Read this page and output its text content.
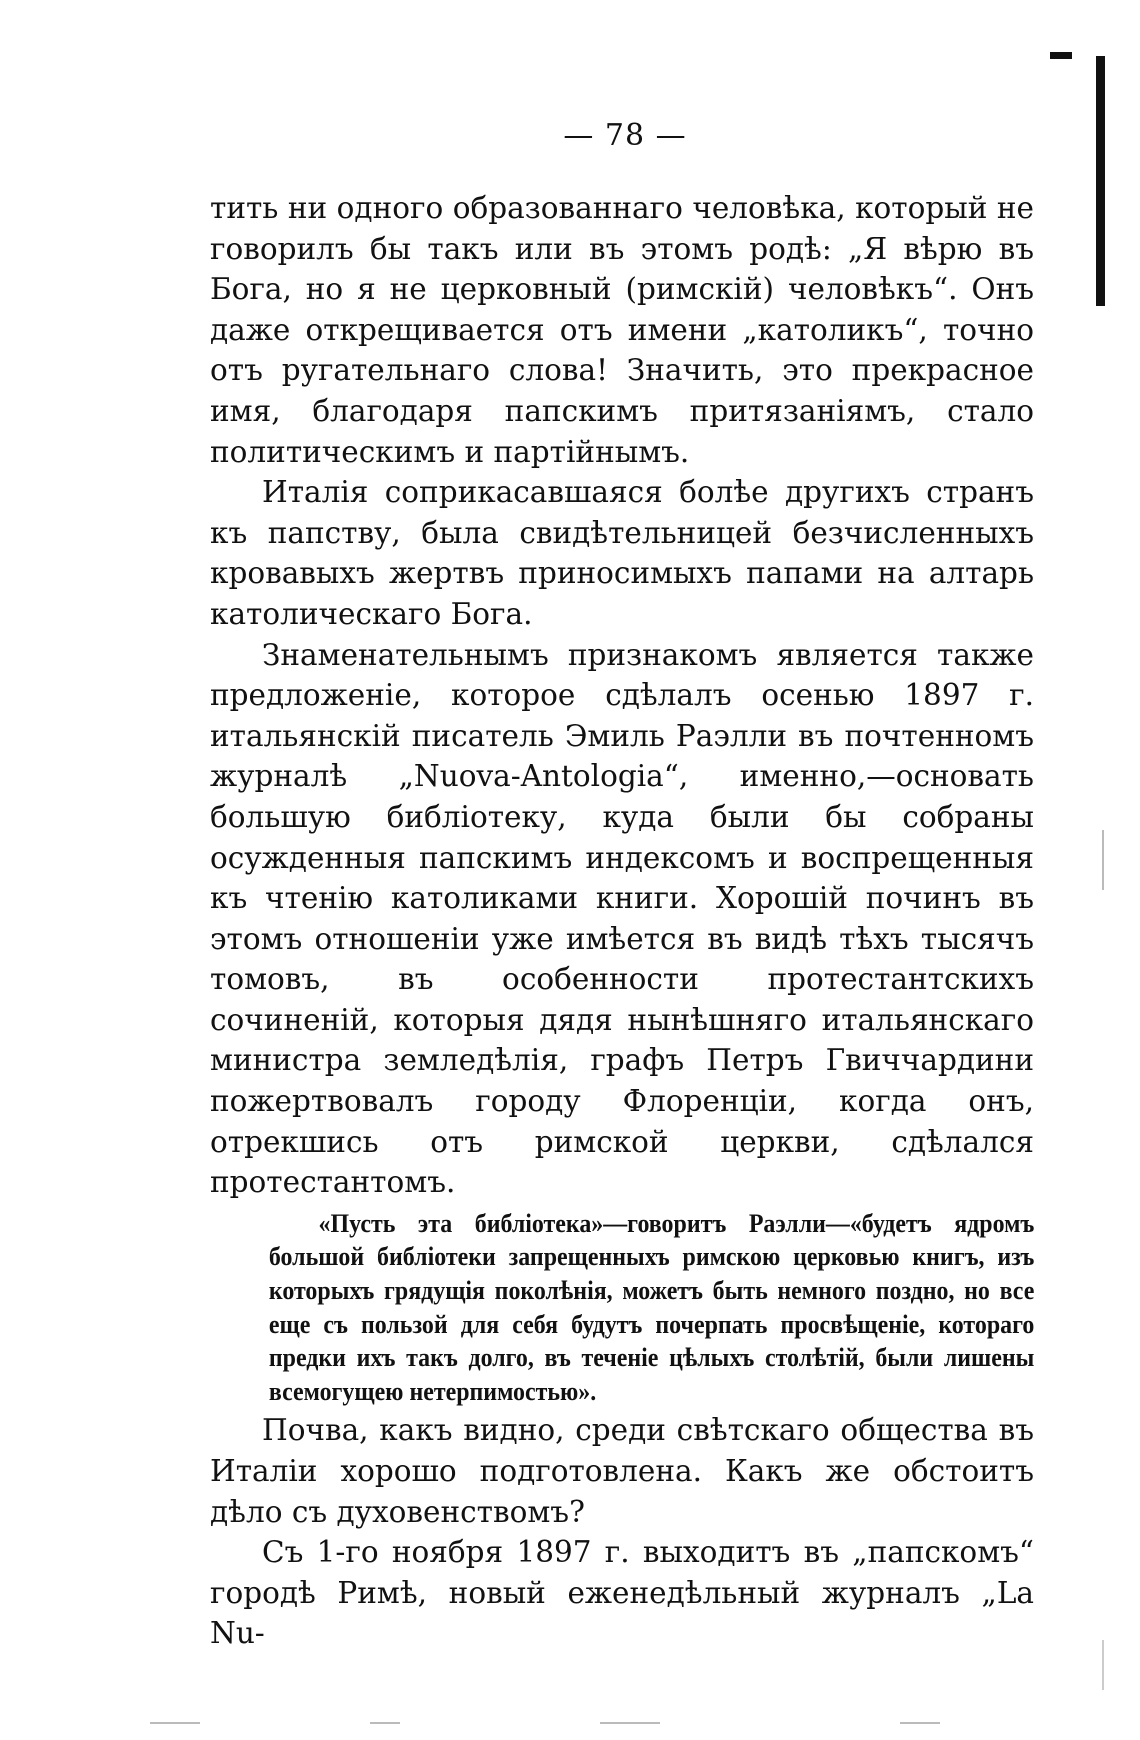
— 78 —

тить ни одного образованнаго человѣка, который не говорилъ бы такъ или въ этомъ родѣ: „Я вѣрю въ Бога, но я не церковный (римскій) человѣкъ“. Онъ даже открещивается отъ имени „католикъ“, точно отъ ругательнаго слова! Значить, это прекрасное имя, благодаря папскимъ притязаніямъ, стало политическимъ и партійнымъ.

Италія соприкасавшаяся болѣе другихъ странъ къ папству, была свидѣтельницей безчисленныхъ кровавыхъ жертвъ приносимыхъ папами на алтарь католическаго Бога.

Знаменательнымъ признакомъ является также предложеніе, которое сдѣлалъ осенью 1897 г. итальянскій писатель Эмиль Раэлли въ почтенномъ журналѣ „Nuova-Antologia“, именно,—основать большую библіотеку, куда были бы собраны осужденныя папскимъ индексомъ и воспрещенныя къ чтенію католиками книги. Хорошій починъ въ этомъ отношеніи уже имѣется въ видѣ тѣхъ тысячъ томовъ, въ особенности протестантскихъ сочиненій, которыя дядя нынѣшняго итальянскаго министра земледѣлія, графъ Петръ Гвиччардини пожертвовалъ городу Флоренціи, когда онъ, отрекшись отъ римской церкви, сдѣлался протестантомъ.

«Пусть эта библіотека»—говоритъ Раэлли—«будетъ ядромъ большой библіотеки запрещенныхъ римскою церковью книгъ, изъ которыхъ грядущія поколѣнія, можетъ быть немного поздно, но все еще съ пользой для себя будутъ почерпать просвѣщеніе, котораго предки ихъ такъ долго, въ теченіе цѣлыхъ столѣтій, были лишены всемогущею нетерпимостью».

Почва, какъ видно, среди свѣтскаго общества въ Италіи хорошо подготовлена. Какъ же обстоитъ дѣло съ духовенствомъ?

Съ 1-го ноября 1897 г. выходитъ въ „папскомъ“ городѣ Римѣ, новый еженедѣльный журналъ „La Nu-
